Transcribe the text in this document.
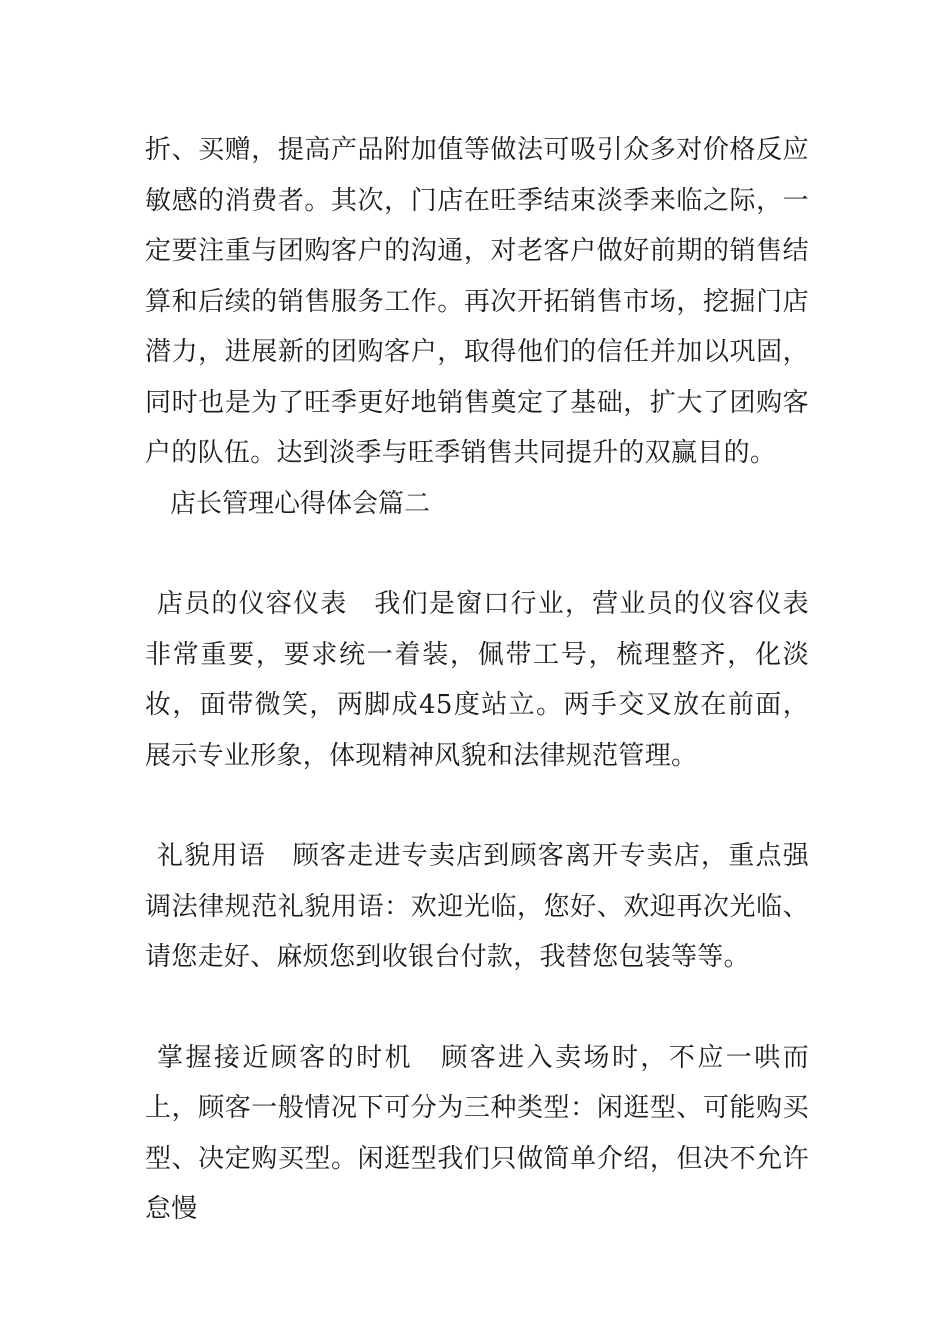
折、买赠，提高产品附加值等做法可吸引众多对价格反应敏感的消费者。其次，门店在旺季结束淡季来临之际，一定要注重与团购客户的沟通，对老客户做好前期的销售结算和后续的销售服务工作。再次开拓销售市场，挖掘门店潜力，进展新的团购客户，取得他们的信任并加以巩固，同时也是为了旺季更好地销售奠定了基础，扩大了团购客户的队伍。达到淡季与旺季销售共同提升的双赢目的。

店长管理心得体会篇二

店员的仪容仪表 我们是窗口行业，营业员的仪容仪表非常重要，要求统一着装，佩带工号，梳理整齐，化淡妆，面带微笑，两脚成45度站立。两手交叉放在前面，展示专业形象，体现精神风貌和法律规范管理。

礼貌用语 顾客走进专卖店到顾客离开专卖店，重点强调法律规范礼貌用语：欢迎光临，您好、欢迎再次光临、请您走好、麻烦您到收银台付款，我替您包装等等。

掌握接近顾客的时机 顾客进入卖场时，不应一哄而上，顾客一般情况下可分为三种类型：闲逛型、可能购买型、决定购买型。闲逛型我们只做简单介绍，但决不允许怠慢
